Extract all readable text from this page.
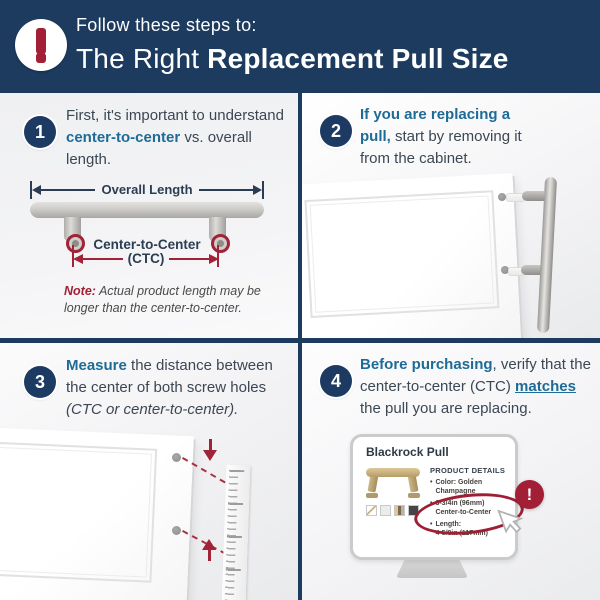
Follow these steps to:
The Right Replacement Pull Size
1

First, it's important to understand center-to-center vs. overall length.

Overall Length
Center-to-Center
(CTC)

Note: Actual product length may be longer than the center-to-center.

2

If you are replacing a pull, start by removing it from the cabinet.

3

Measure the distance between the center of both screw holes (CTC or center-to-center).

4

Before purchasing, verify that the center-to-center (CTC) matches the pull you are replacing.

Blackrock Pull

PRODUCT DETAILS

• Color: Golden
Champagne
• 3-3/4in (96mm)
Center-to-Center
• Length:
4-5/8in (117mm)
!
